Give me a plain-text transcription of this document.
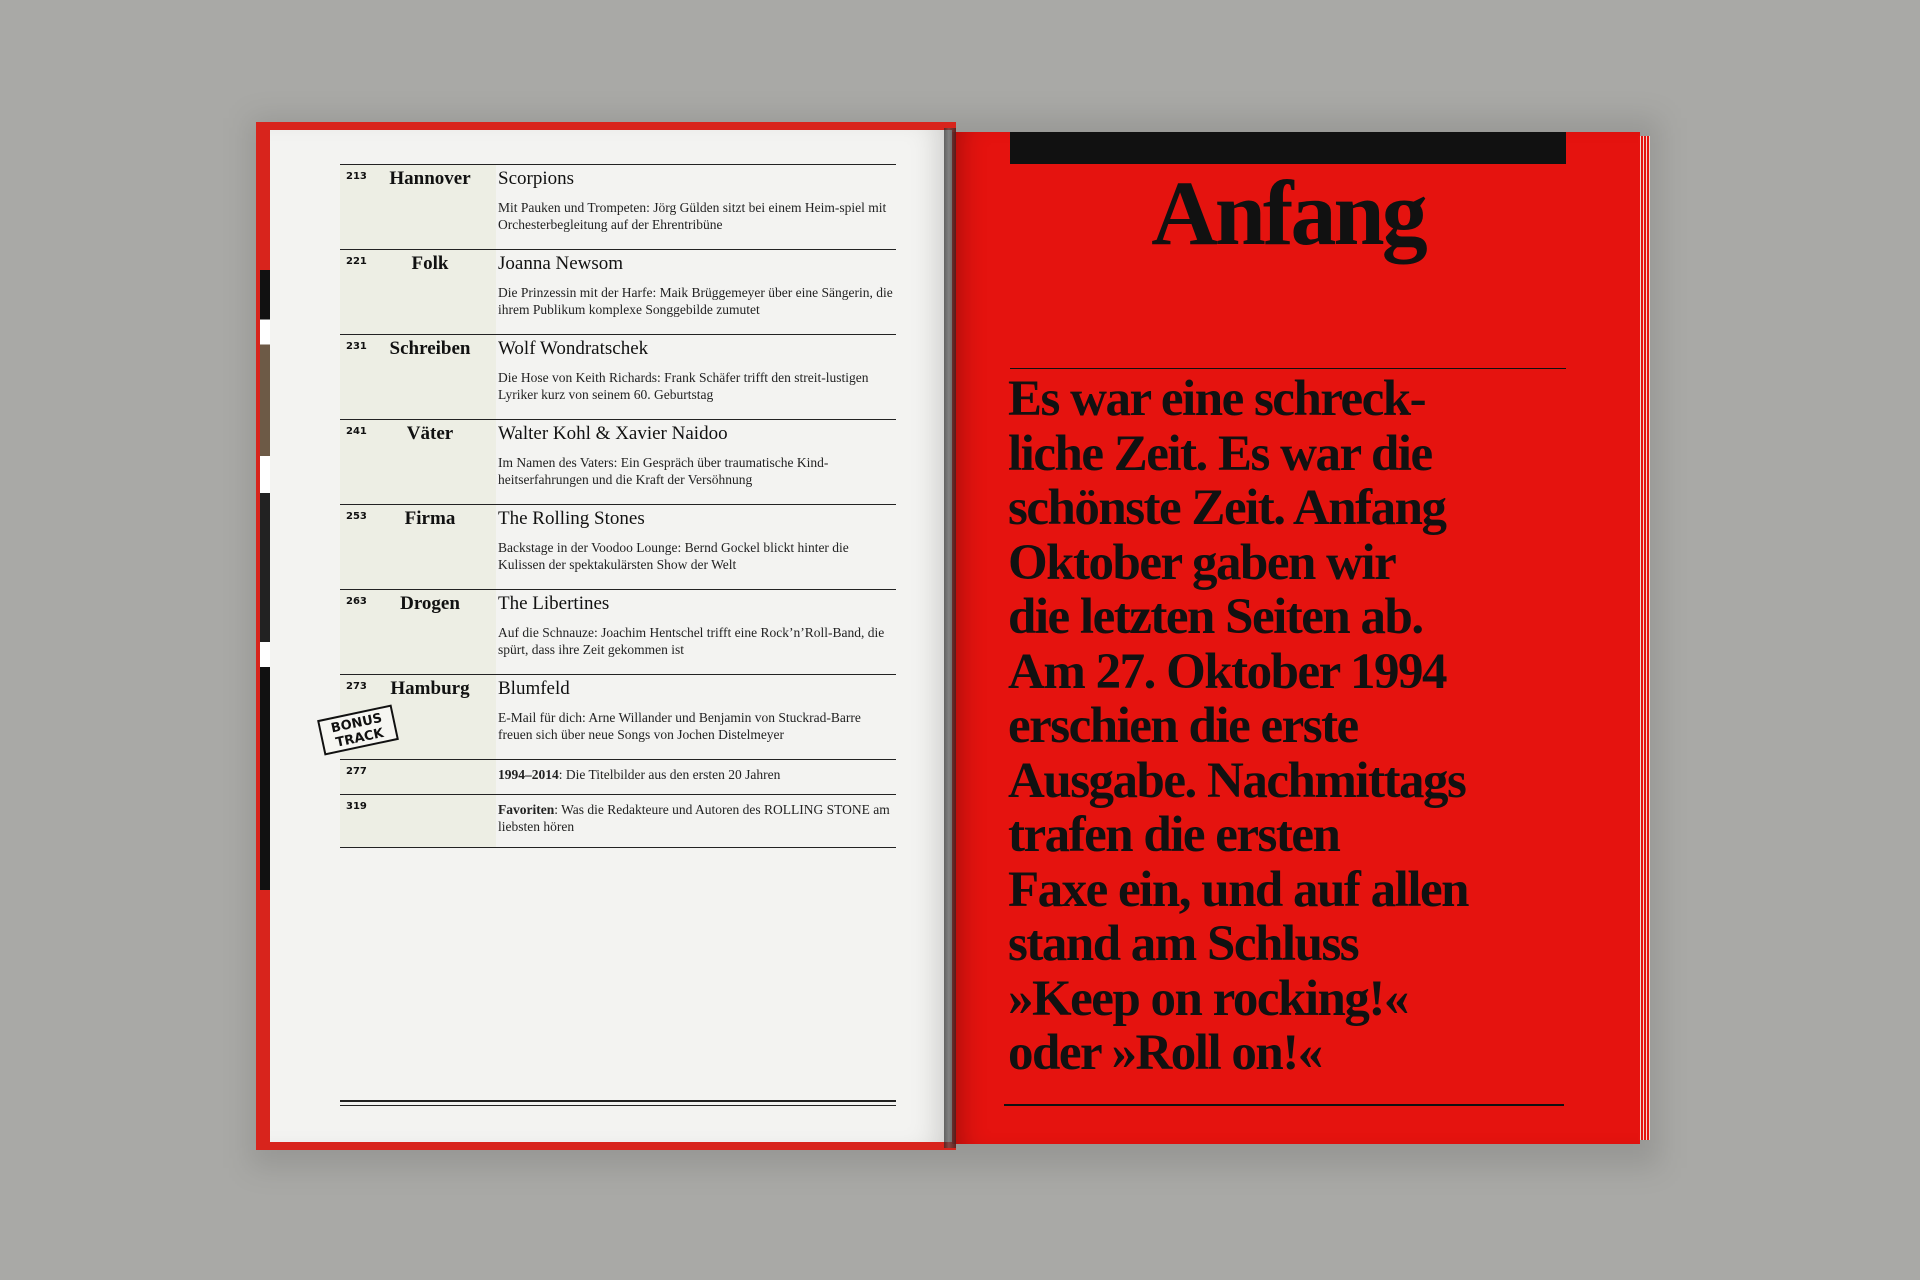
213	Hannover	Scorpions
Mit Pauken und Trompeten: Jörg Gülden sitzt bei einem Heim-spiel mit Orchesterbegleitung auf der Ehrentribüne
221	Folk	Joanna Newsom
Die Prinzessin mit der Harfe: Maik Brüggemeyer über eine Sängerin, die ihrem Publikum komplexe Songgebilde zumutet
231	Schreiben	Wolf Wondratschek
Die Hose von Keith Richards: Frank Schäfer trifft den streit-lustigen Lyriker kurz von seinem 60. Geburtstag
241	Väter	Walter Kohl & Xavier Naidoo
Im Namen des Vaters: Ein Gespräch über traumatische Kind-heitserfahrungen und die Kraft der Versöhnung
253	Firma	The Rolling Stones
Backstage in der Voodoo Lounge: Bernd Gockel blickt hinter die Kulissen der spektakulärsten Show der Welt
263	Drogen	The Libertines
Auf die Schnauze: Joachim Hentschel trifft eine Rock’n’Roll-Band, die spürt, dass ihre Zeit gekommen ist
273	Hamburg	Blumfeld
E-Mail für dich: Arne Willander und Benjamin von Stuckrad-Barre freuen sich über neue Songs von Jochen Distelmeyer
277	1994–2014: Die Titelbilder aus den ersten 20 Jahren
319	Favoriten: Was die Redakteure und Autoren des ROLLING STONE am liebsten hören
BONUS TRACK
Anfang
Es war eine schreck-
liche Zeit. Es war die
schönste Zeit. Anfang
Oktober gaben wir
die letzten Seiten ab.
Am 27. Oktober 1994
erschien die erste
Ausgabe. Nachmittags
trafen die ersten
Faxe ein, und auf allen
stand am Schluss
»Keep on rocking!«
oder »Roll on!«
